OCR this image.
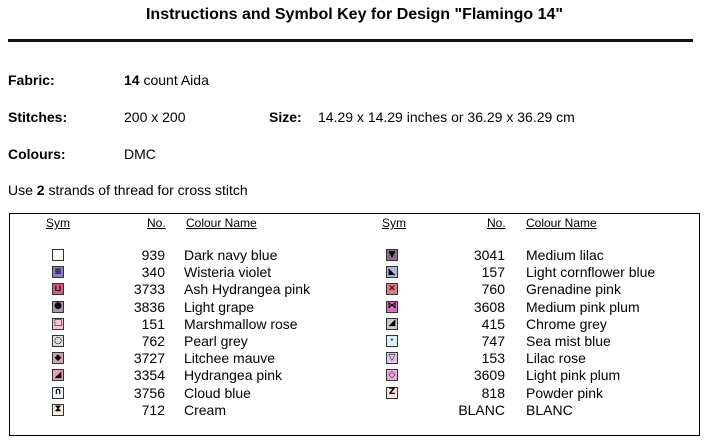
Instructions and Symbol Key for Design "Flamingo 14"
Fabric:	14 count Aida
Stitches:	200 x 200	Size: 14.29 x 14.29 inches or 36.29 x 36.29 cm
Colours:	DMC
Use 2 strands of thread for cross stitch
Sym	No. Colour Name	Sym	No. Colour Name
939 Dark navy blue
≡	340 Wisteria violet
⊔	3733 Ash Hydrangea pink
●	3836 Light grape
□	151 Marshmallow rose
○	762 Pearl grey
◆	3727 Litchee mauve
◢	3354 Hydrangea pink
∩	3756 Cloud blue
⧗	712 Cream
▼	3041 Medium lilac
◣	157 Light cornflower blue
✕	760 Grenadine pink
⋈	3608 Medium pink plum
◢	415 Chrome grey
·	747 Sea mist blue
▽	153 Lilac rose
◇	3609 Light pink plum
Z	818 Powder pink
BLANC BLANC
